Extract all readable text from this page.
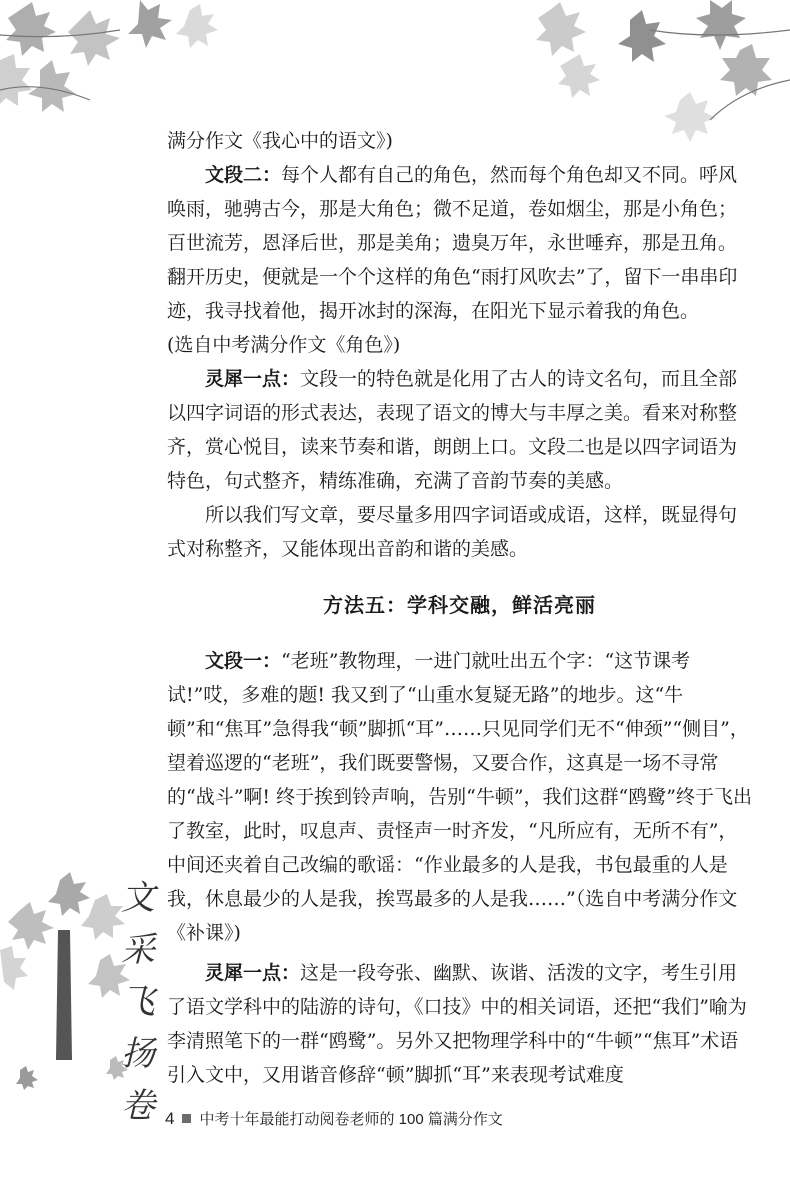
文
采
飞
扬
卷

满分作文《我心中的语文》)

文段二：每个人都有自己的角色，然而每个角色却又不同。呼风唤雨，驰骋古今，那是大角色；微不足道，卷如烟尘，那是小角色；百世流芳，恩泽后世，那是美角；遗臭万年，永世唾弃，那是丑角。翻开历史，便就是一个个这样的角色“雨打风吹去”了，留下一串串印迹，我寻找着他，揭开冰封的深海，在阳光下显示着我的角色。

(选自中考满分作文《角色》)

灵犀一点：文段一的特色就是化用了古人的诗文名句，而且全部以四字词语的形式表达，表现了语文的博大与丰厚之美。看来对称整齐，赏心悦目，读来节奏和谐，朗朗上口。文段二也是以四字词语为特色，句式整齐，精练准确，充满了音韵节奏的美感。

所以我们写文章，要尽量多用四字词语或成语，这样，既显得句式对称整齐，又能体现出音韵和谐的美感。

方法五：学科交融，鲜活亮丽

文段一：“老班”教物理，一进门就吐出五个字：“这节课考试!”哎，多难的题! 我又到了“山重水复疑无路”的地步。这“牛顿”和“焦耳”急得我“顿”脚抓“耳”……只见同学们无不“伸颈”“侧目”，望着巡逻的“老班”，我们既要警惕，又要合作，这真是一场不寻常的“战斗”啊! 终于挨到铃声响，告别“牛顿”，我们这群“鸥鹭”终于飞出了教室，此时，叹息声、责怪声一时齐发，“凡所应有，无所不有”，中间还夹着自己改编的歌谣：“作业最多的人是我，书包最重的人是我，休息最少的人是我，挨骂最多的人是我……”（选自中考满分作文《补课》)

灵犀一点：这是一段夸张、幽默、诙谐、活泼的文字，考生引用了语文学科中的陆游的诗句，《口技》中的相关词语，还把“我们”喻为李清照笔下的一群“鸥鹭”。另外又把物理学科中的“牛顿”“焦耳”术语引入文中，又用谐音修辞“顿”脚抓“耳”来表现考试难度

4 中考十年最能打动阅卷老师的 100 篇满分作文
